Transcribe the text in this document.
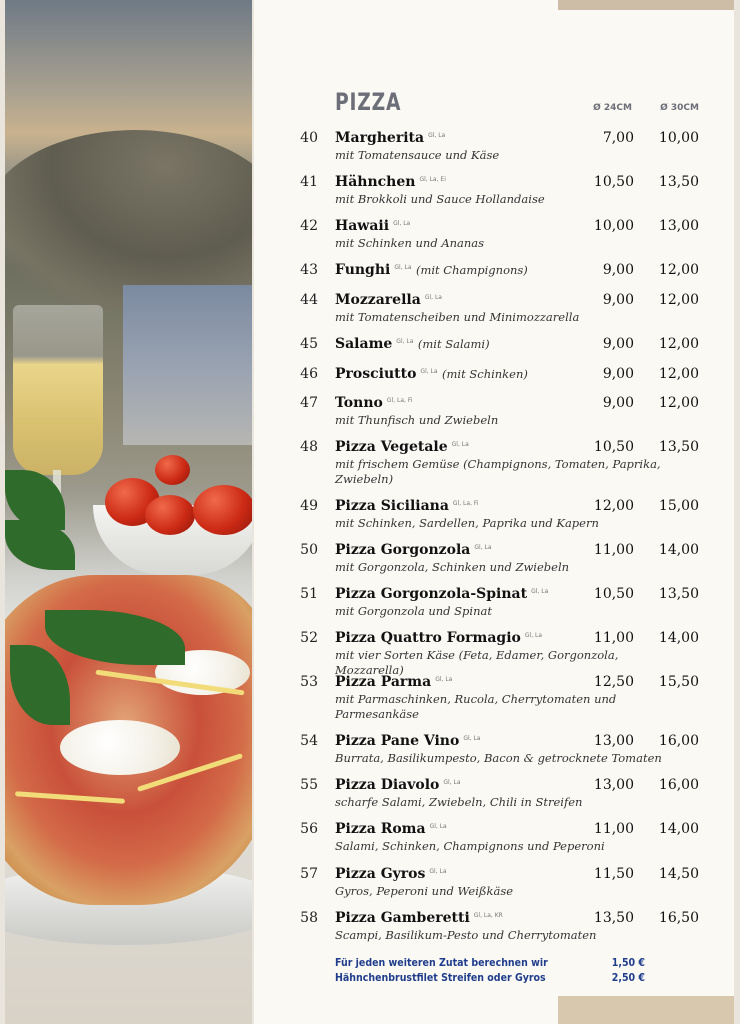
PIZZA	Ø 24CM	Ø 30CM
40 Margherita $^{Gl, La}$
mit Tomatensauce und Käse
7,00	10,00
41 Hähnchen $^{Gl, La, Ei}$
mit Brokkoli und Sauce Hollandaise
10,50	13,50
42 Hawaii $^{Gl, La}$
mit Schinken und Ananas
10,00	13,00
43 Funghi $^{Gl, La}$ (mit Champignons)	9,00	12,00
44 Mozzarella $^{Gl, La}$
mit Tomatenscheiben und Minimozzarella
9,00	12,00
45 Salame $^{Gl, La}$ (mit Salami)	9,00	12,00
46 Prosciutto $^{Gl, La}$ (mit Schinken)	9,00	12,00
47 Tonno $^{Gl, La, Fi}$
mit Thunfisch und Zwiebeln
9,00	12,00
48 Pizza Vegetale $^{Gl, La}$
mit frischem Gemüse (Champignons, Tomaten, Paprika, Zwiebeln)
10,50	13,50
49 Pizza Siciliana $^{Gl, La, Fi}$
mit Schinken, Sardellen, Paprika und Kapern
12,00	15,00
50 Pizza Gorgonzola $^{Gl, La}$
mit Gorgonzola, Schinken und Zwiebeln
11,00	14,00
51 Pizza Gorgonzola-Spinat $^{Gl, La}$
mit Gorgonzola und Spinat
10,50	13,50
52 Pizza Quattro Formagio $^{Gl, La}$
mit vier Sorten Käse (Feta, Edamer, Gorgonzola, Mozzarella)
11,00	14,00
53 Pizza Parma $^{Gl, La}$
mit Parmaschinken, Rucola, Cherrytomaten und Parmesankäse
12,50	15,50
54 Pizza Pane Vino $^{Gl, La}$
Burrata, Basilikumpesto, Bacon & getrocknete Tomaten
13,00	16,00
55 Pizza Diavolo $^{Gl, La}$
scharfe Salami, Zwiebeln, Chili in Streifen
13,00	16,00
56 Pizza Roma $^{Gl, La}$
Salami, Schinken, Champignons und Peperoni
11,00	14,00
57 Pizza Gyros $^{Gl, La}$
Gyros, Peperoni und Weißkäse
11,50	14,50
58 Pizza Gamberetti $^{Gl, La, KR}$
Scampi, Basilikum-Pesto und Cherrytomaten
13,50	16,50
Für jeden weiteren Zutat berechnen wir	1,50 €
Hähnchenbrustfilet Streifen oder Gyros	2,50 €
